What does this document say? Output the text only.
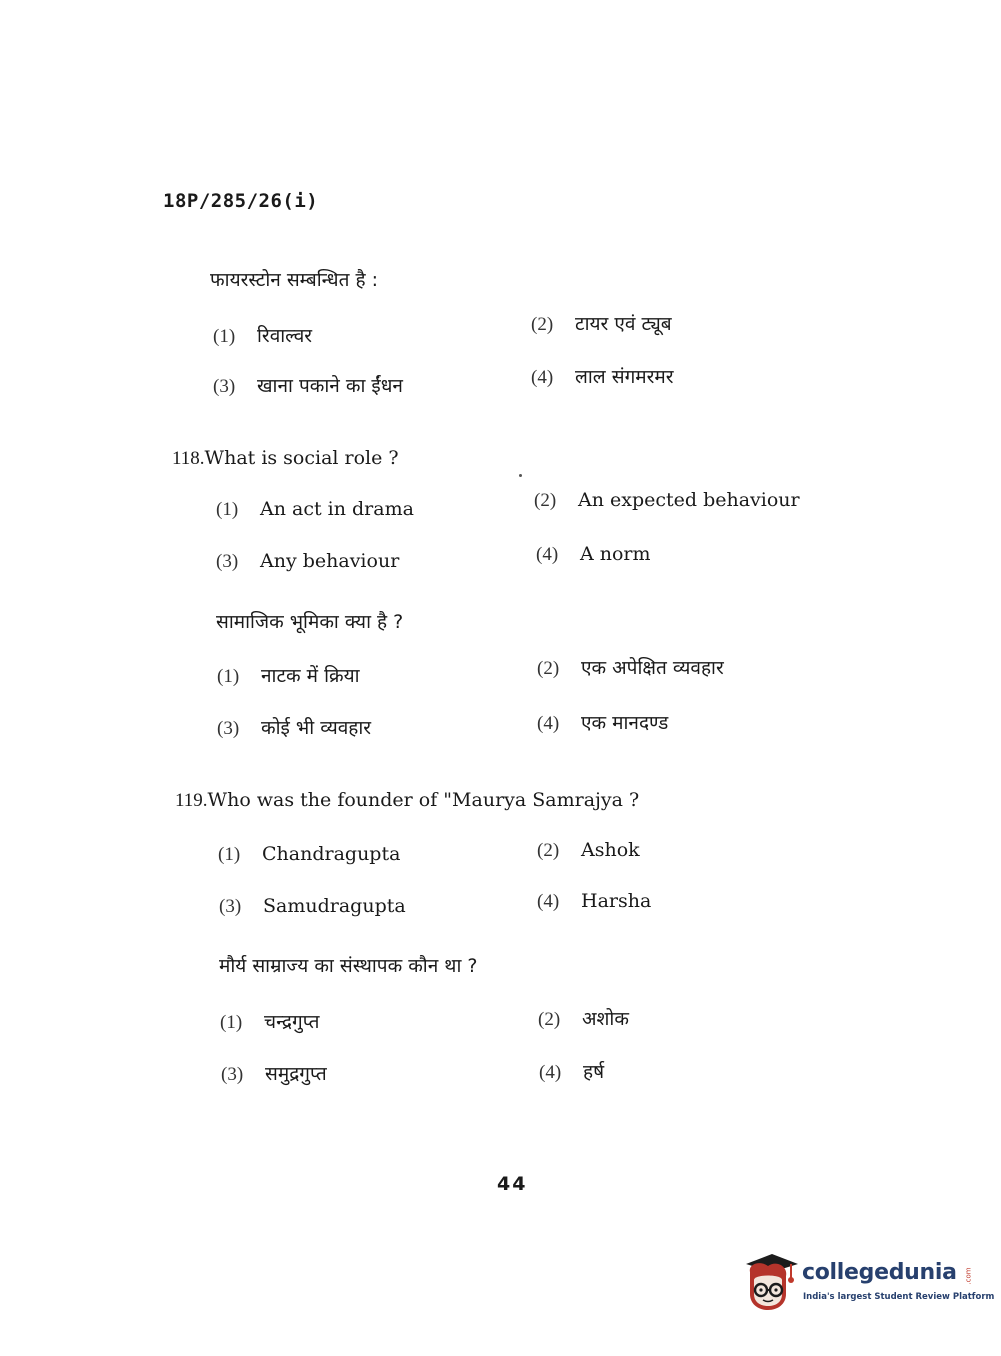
18P/285/26(i)
फायरस्टोन सम्बन्धित है :
(1) रिवाल्वर
(2) टायर एवं ट्यूब
(3) खाना पकाने का ईंधन	(4) लाल संगमरमर
118.What is social role ?
(1) An act in drama	(2) An expected behaviour
(3) Any behaviour	(4) A norm
सामाजिक भूमिका क्या है ?
(1) नाटक में क्रिया	(2) एक अपेक्षित व्यवहार
(3) कोई भी व्यवहार	(4) एक मानदण्ड
119.Who was the founder of "Maurya Samrajya ?
(1) Chandragupta	(2) Ashok
(3) Samudragupta	(4) Harsha
मौर्य साम्राज्य का संस्थापक कौन था ?
(1) चन्द्रगुप्त	(2) अशोक
(3) समुद्रगुप्त	(4) हर्ष
44
collegedunia .com
India's largest Student Review Platform
